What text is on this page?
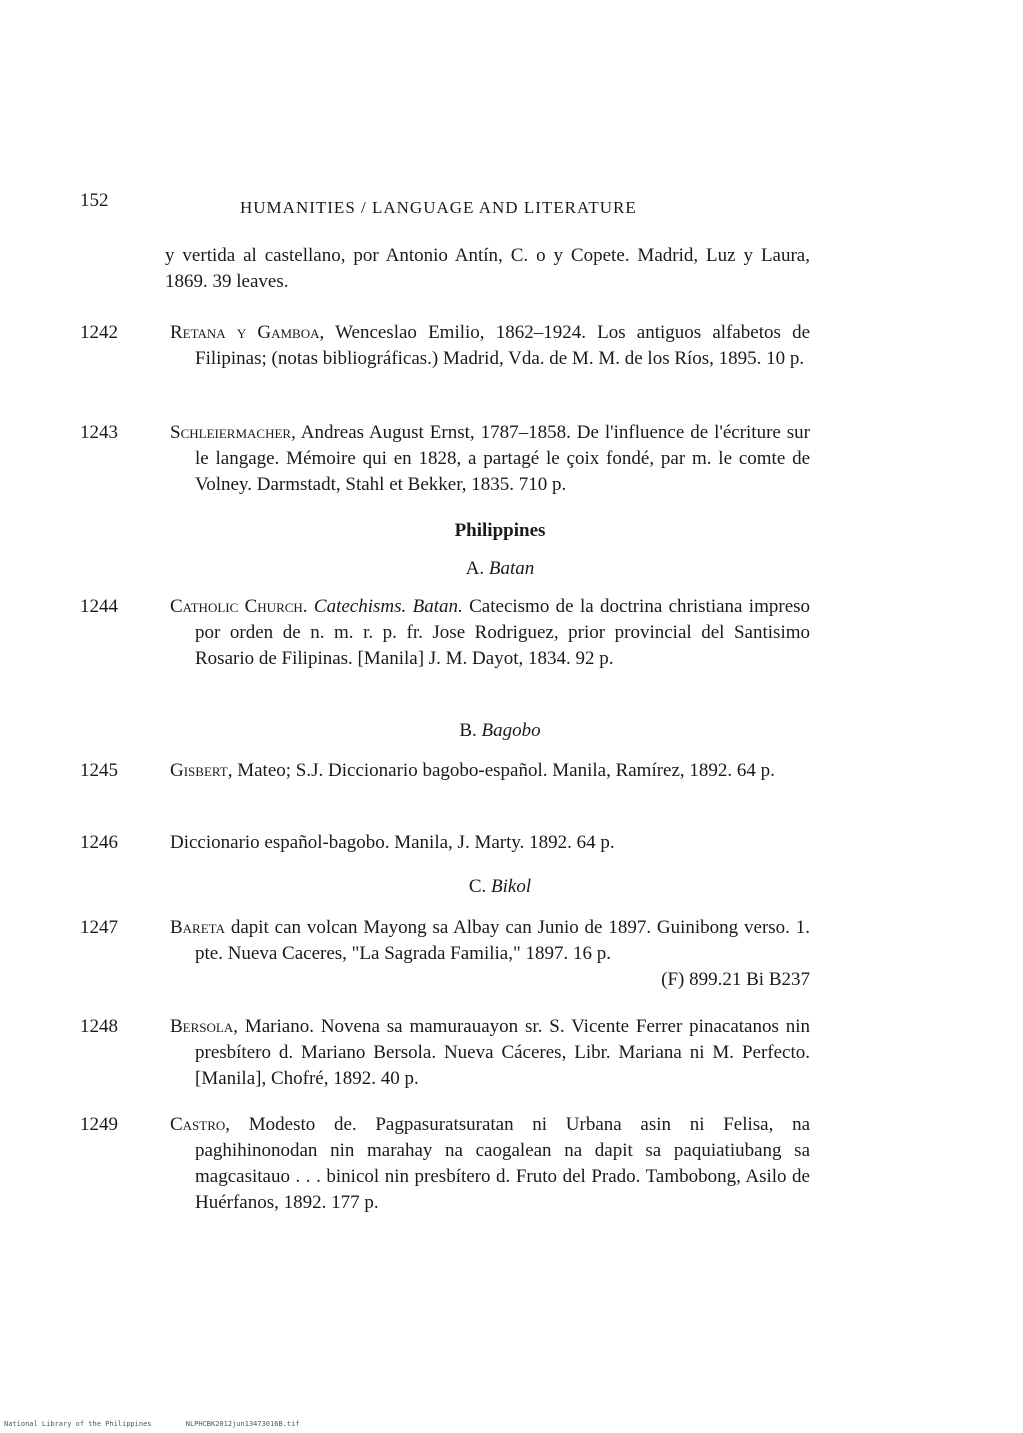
152	HUMANITIES / LANGUAGE AND LITERATURE
y vertida al castellano, por Antonio Antín, C. o y Copete. Madrid, Luz y Laura, 1869. 39 leaves.
1242	Retana y Gamboa, Wenceslao Emilio, 1862–1924. Los antiguos alfabetos de Filipinas; (notas bibliográficas.) Madrid, Vda. de M. M. de los Ríos, 1895. 10 p.
1243	Schleiermacher, Andreas August Ernst, 1787–1858. De l'influence de l'écriture sur le langage. Mémoire qui en 1828, a partagé le çoix fondé, par m. le comte de Volney. Darmstadt, Stahl et Bekker, 1835. 710 p.
Philippines
A. Batan
1244	Catholic Church. Catechisms. Batan. Catecismo de la doctrina christiana impreso por orden de n. m. r. p. fr. Jose Rodriguez, prior provincial del Santisimo Rosario de Filipinas. [Manila] J. M. Dayot, 1834. 92 p.
B. Bagobo
1245	Gisbert, Mateo; S.J. Diccionario bagobo-español. Manila, Ramírez, 1892. 64 p.
1246	Diccionario español-bagobo. Manila, J. Marty. 1892. 64 p.
C. Bikol
1247	Bareta dapit can volcan Mayong sa Albay can Junio de 1897. Guinibong verso. 1. pte. Nueva Caceres, "La Sagrada Familia," 1897. 16 p.
(F) 899.21 Bi B237
1248	Bersola, Mariano. Novena sa mamurauayon sr. S. Vicente Ferrer pinacatanos nin presbítero d. Mariano Bersola. Nueva Cáceres, Libr. Mariana ni M. Perfecto. [Manila], Chofré, 1892. 40 p.
1249	Castro, Modesto de. Pagpasuratsuratan ni Urbana asin ni Felisa, na paghihinonodan nin marahay na caogalean na dapit sa paquiatiubang sa magcasitauo . . . binicol nin presbítero d. Fruto del Prado. Tambobong, Asilo de Huérfanos, 1892. 177 p.
National Library of the Philippines	NLPHCBK2012jun13473016B.tif
